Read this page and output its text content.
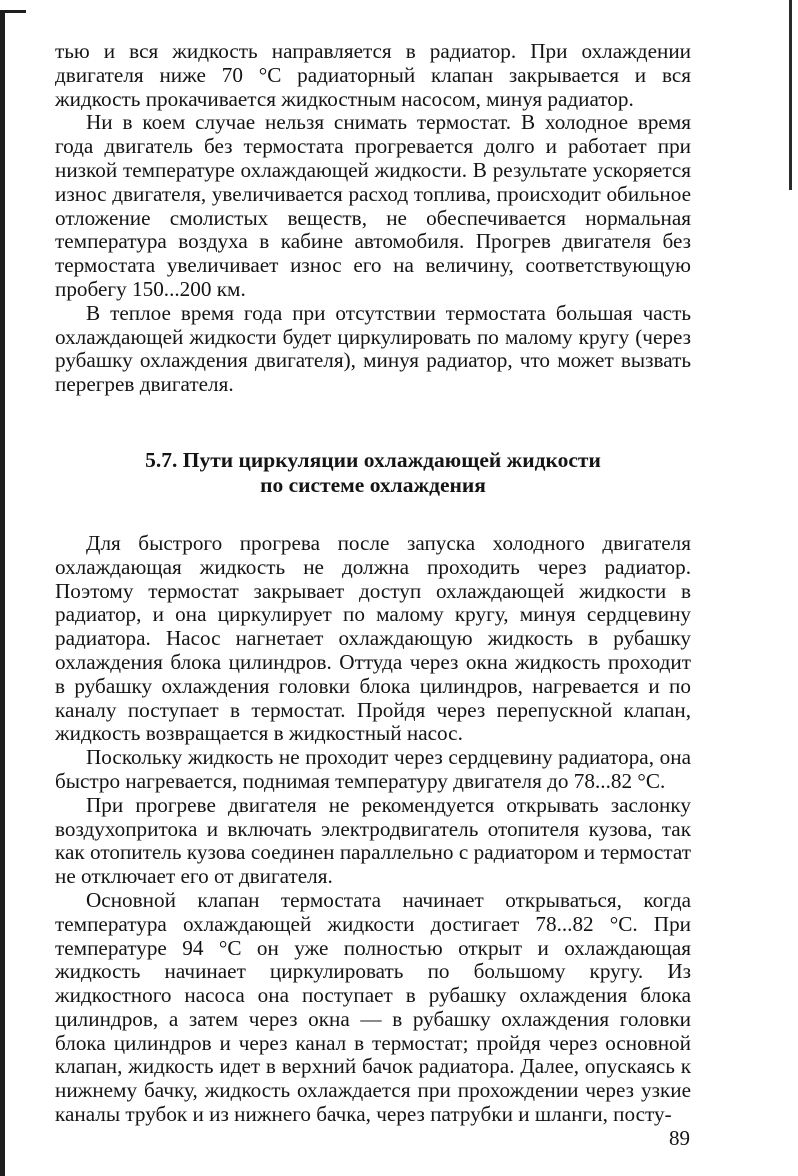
тью и вся жидкость направляется в радиатор. При охлаждении двигателя ниже 70 °C радиаторный клапан закрывается и вся жидкость прокачивается жидкостным насосом, минуя радиатор.

Ни в коем случае нельзя снимать термостат. В холодное время года двигатель без термостата прогревается долго и работает при низкой температуре охлаждающей жидкости. В результате ускоряется износ двигателя, увеличивается расход топлива, происходит обильное отложение смолистых веществ, не обеспечивается нормальная температура воздуха в кабине автомобиля. Прогрев двигателя без термостата увеличивает износ его на величину, соответствующую пробегу 150...200 км.

В теплое время года при отсутствии термостата большая часть охлаждающей жидкости будет циркулировать по малому кругу (через рубашку охлаждения двигателя), минуя радиатор, что может вызвать перегрев двигателя.

5.7. Пути циркуляции охлаждающей жидкости
по системе охлаждения

Для быстрого прогрева после запуска холодного двигателя охлаждающая жидкость не должна проходить через радиатор. Поэтому термостат закрывает доступ охлаждающей жидкости в радиатор, и она циркулирует по малому кругу, минуя сердцевину радиатора. Насос нагнетает охлаждающую жидкость в рубашку охлаждения блока цилиндров. Оттуда через окна жидкость проходит в рубашку охлаждения головки блока цилиндров, нагревается и по каналу поступает в термостат. Пройдя через перепускной клапан, жидкость возвращается в жидкостный насос.

Поскольку жидкость не проходит через сердцевину радиатора, она быстро нагревается, поднимая температуру двигателя до 78...82 °C.

При прогреве двигателя не рекомендуется открывать заслонку воздухопритока и включать электродвигатель отопителя кузова, так как отопитель кузова соединен параллельно с радиатором и термостат не отключает его от двигателя.

Основной клапан термостата начинает открываться, когда температура охлаждающей жидкости достигает 78...82 °C. При температуре 94 °C он уже полностью открыт и охлаждающая жидкость начинает циркулировать по большому кругу. Из жидкостного насоса она поступает в рубашку охлаждения блока цилиндров, а затем через окна — в рубашку охлаждения головки блока цилиндров и через канал в термостат; пройдя через основной клапан, жидкость идет в верхний бачок радиатора. Далее, опускаясь к нижнему бачку, жидкость охлаждается при прохождении через узкие каналы трубок и из нижнего бачка, через патрубки и шланги, посту-

89
